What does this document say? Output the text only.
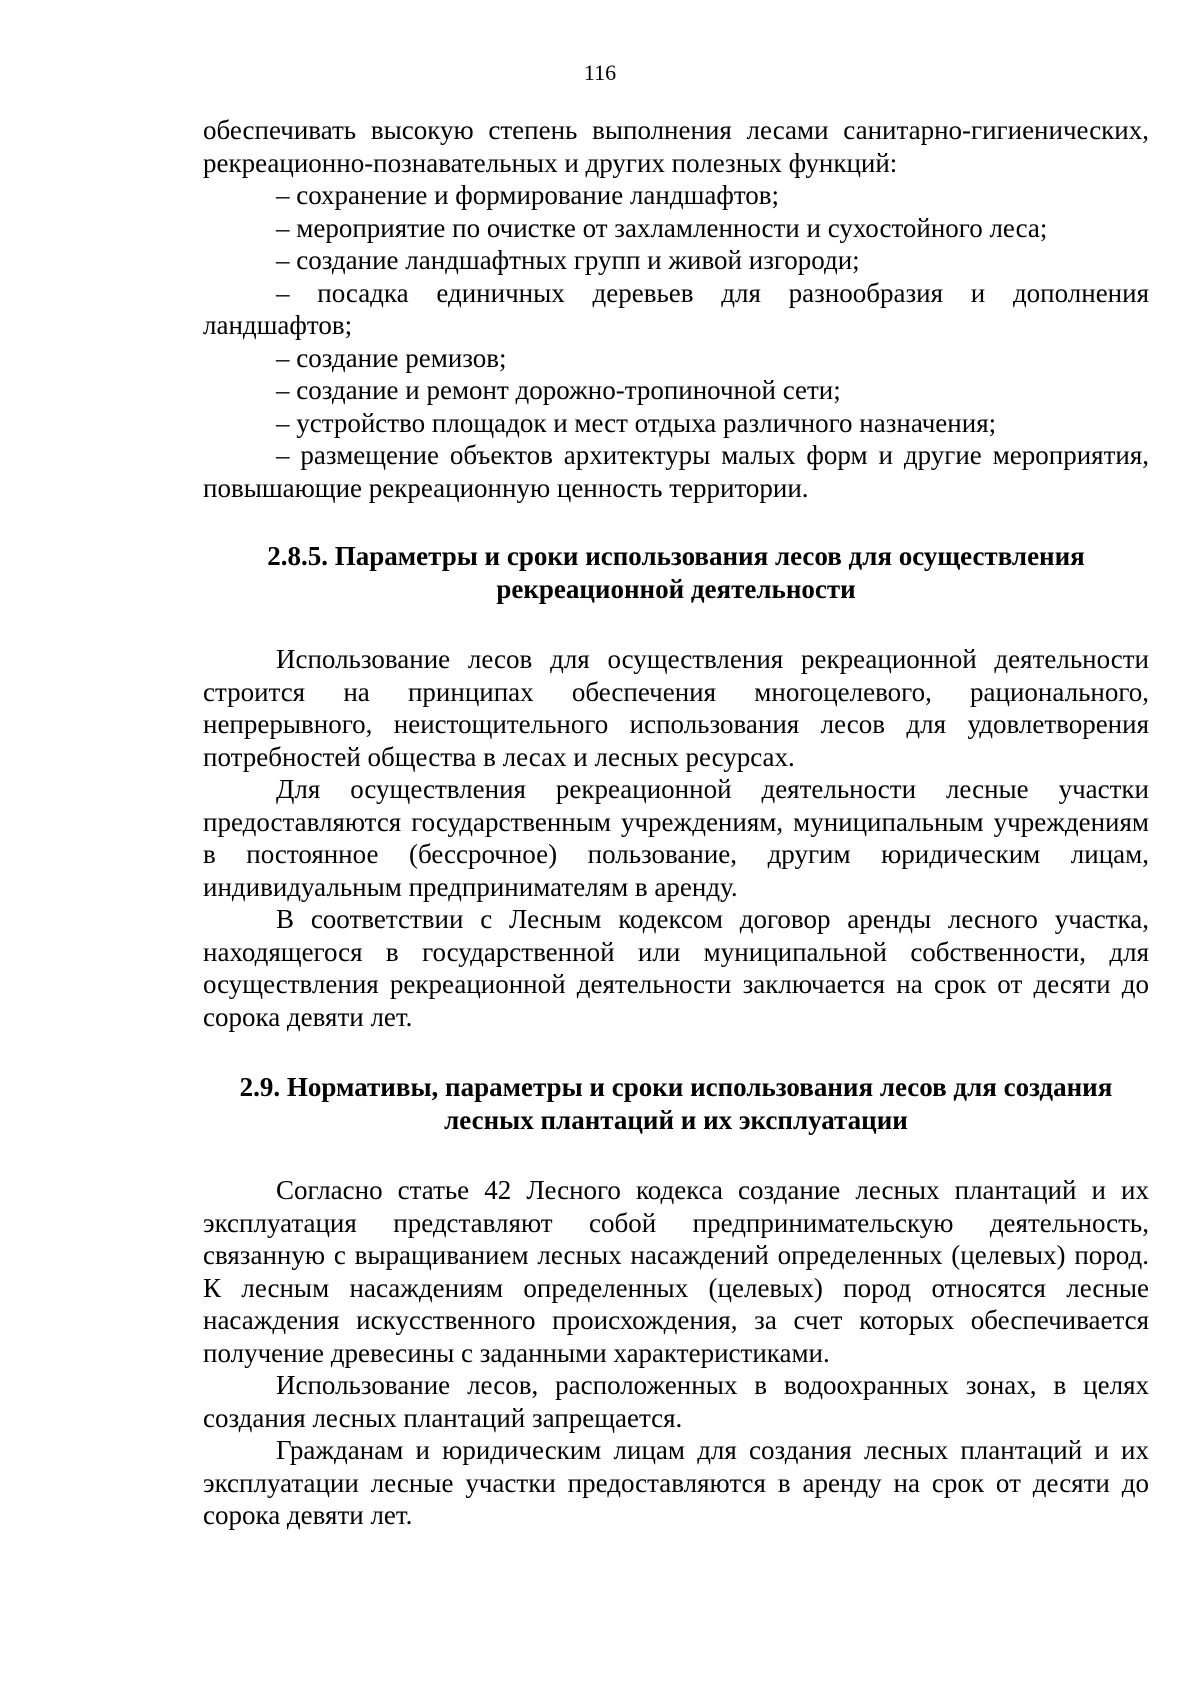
116

обеспечивать высокую степень выполнения лесами санитарно-гигиенических, рекреационно-познавательных и других полезных функций:

– сохранение и формирование ландшафтов;

– мероприятие по очистке от захламленности и сухостойного леса;

– создание ландшафтных групп и живой изгороди;

– посадка единичных деревьев для разнообразия и дополнения ландшафтов;

– создание ремизов;

– создание и ремонт дорожно-тропиночной сети;

– устройство площадок и мест отдыха различного назначения;

– размещение объектов архитектуры малых форм и другие мероприятия, повышающие рекреационную ценность территории.

2.8.5. Параметры и сроки использования лесов для осуществления
рекреационной деятельности

Использование лесов для осуществления рекреационной деятельности строится на принципах обеспечения многоцелевого, рационального, непрерывного, неистощительного использования лесов для удовлетворения потребностей общества в лесах и лесных ресурсах.

Для осуществления рекреационной деятельности лесные участки предоставляются государственным учреждениям, муниципальным учреждениям в постоянное (бессрочное) пользование, другим юридическим лицам, индивидуальным предпринимателям в аренду.

В соответствии с Лесным кодексом договор аренды лесного участка, находящегося в государственной или муниципальной собственности, для осуществления рекреационной деятельности заключается на срок от десяти до сорока девяти лет.

2.9. Нормативы, параметры и сроки использования лесов для создания
лесных плантаций и их эксплуатации

Согласно статье 42 Лесного кодекса создание лесных плантаций и их эксплуатация представляют собой предпринимательскую деятельность, связанную с выращиванием лесных насаждений определенных (целевых) пород. К лесным насаждениям определенных (целевых) пород относятся лесные насаждения искусственного происхождения, за счет которых обеспечивается получение древесины с заданными характеристиками.

Использование лесов, расположенных в водоохранных зонах, в целях создания лесных плантаций запрещается.

Гражданам и юридическим лицам для создания лесных плантаций и их эксплуатации лесные участки предоставляются в аренду на срок от десяти до сорока девяти лет.
